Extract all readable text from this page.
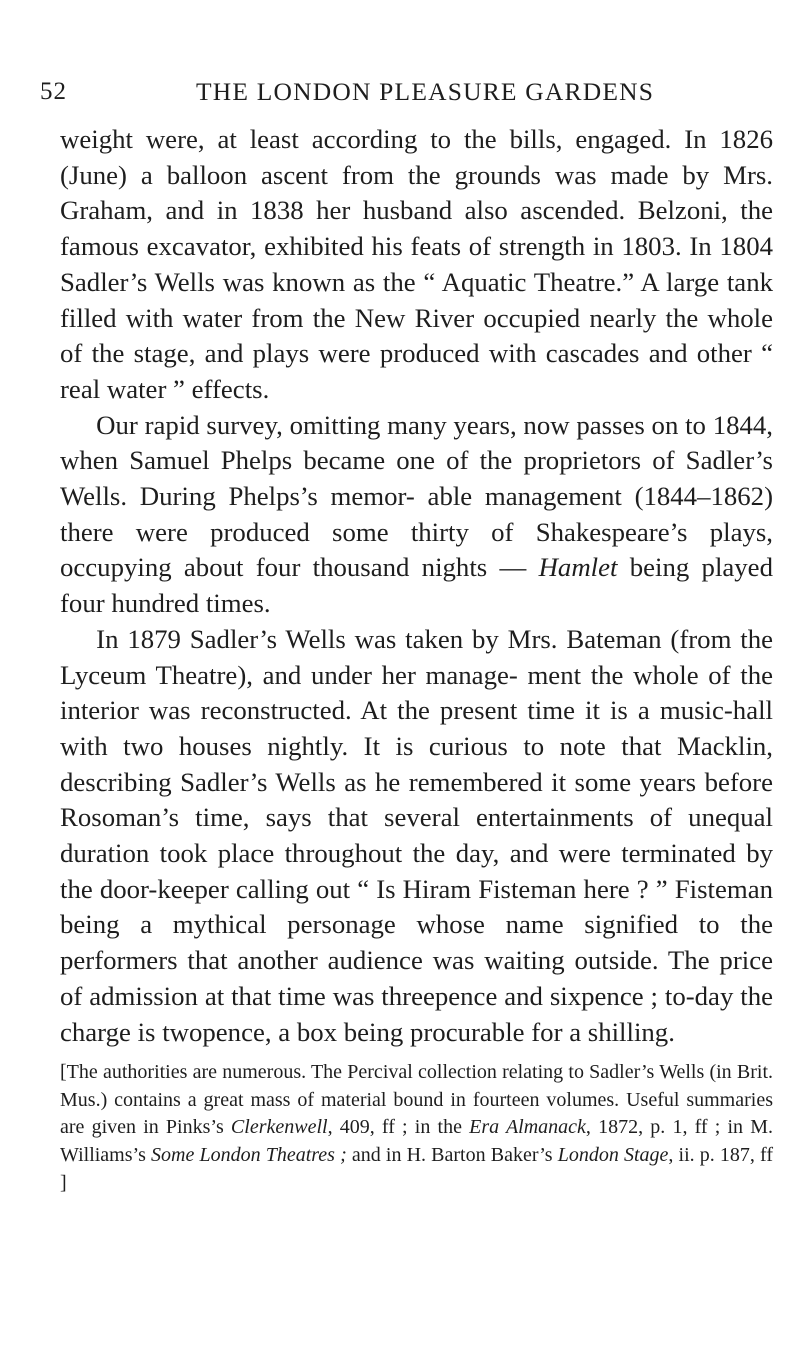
52	THE LONDON PLEASURE GARDENS

weight were, at least according to the bills, engaged. In 1826 (June) a balloon ascent from the grounds was made by Mrs. Graham, and in 1838 her husband also ascended. Belzoni, the famous excavator, exhibited his feats of strength in 1803. In 1804 Sadler’s Wells was known as the “ Aquatic Theatre.” A large tank filled with water from the New River occupied nearly the whole of the stage, and plays were produced with cascades and other “ real water ” effects.

Our rapid survey, omitting many years, now passes on to 1844, when Samuel Phelps became one of the proprietors of Sadler’s Wells. During Phelps’s memor- able management (1844–1862) there were produced some thirty of Shakespeare’s plays, occupying about four thousand nights — Hamlet being played four hundred times.

In 1879 Sadler’s Wells was taken by Mrs. Bateman (from the Lyceum Theatre), and under her manage- ment the whole of the interior was reconstructed. At the present time it is a music-hall with two houses nightly. It is curious to note that Macklin, describing Sadler’s Wells as he remembered it some years before Rosoman’s time, says that several entertainments of unequal duration took place throughout the day, and were terminated by the door-keeper calling out “ Is Hiram Fisteman here ? ” Fisteman being a mythical personage whose name signified to the performers that another audience was waiting outside. The price of admission at that time was threepence and sixpence ; to-day the charge is twopence, a box being procurable for a shilling.

[The authorities are numerous. The Percival collection relating to Sadler’s Wells (in Brit. Mus.) contains a great mass of material bound in fourteen volumes. Useful summaries are given in Pinks’s Clerkenwell, 409, ff ; in the Era Almanack, 1872, p. 1, ff ; in M. Williams’s Some London Theatres ; and in H. Barton Baker’s London Stage, ii. p. 187, ff ]
